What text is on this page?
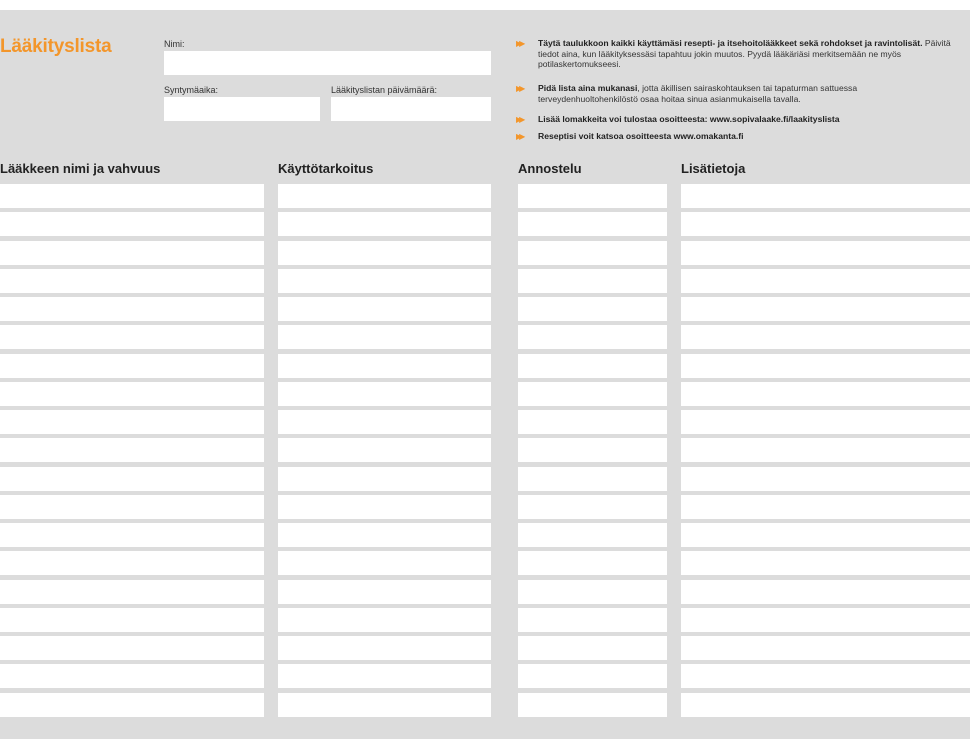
Lääkityslista	Nimi:
Syntymäaika:	Lääkityslistan päivämäärä:
▶▶	Täytä taulukkoon kaikki käyttämäsi resepti- ja itsehoitolääkkeet sekä rohdokset ja ravintolisät. Päivitä tiedot aina, kun lääkityksessäsi tapahtuu jokin muutos. Pyydä lääkäriäsi merkitsemään ne myös potilaskertomukseesi.
▶▶	Pidä lista aina mukanasi, jotta äkillisen sairaskohtauksen tai tapaturman sattuessa terveydenhuoltohenkilöstö osaa hoitaa sinua asianmukaisella tavalla.
▶▶	Lisää lomakkeita voi tulostaa osoitteesta: www.sopivalaake.fi/laakityslista
▶▶	Reseptisi voit katsoa osoitteesta www.omakanta.fi
Lääkkeen nimi ja vahvuus	Käyttötarkoitus	Annostelu	Lisätietoja
